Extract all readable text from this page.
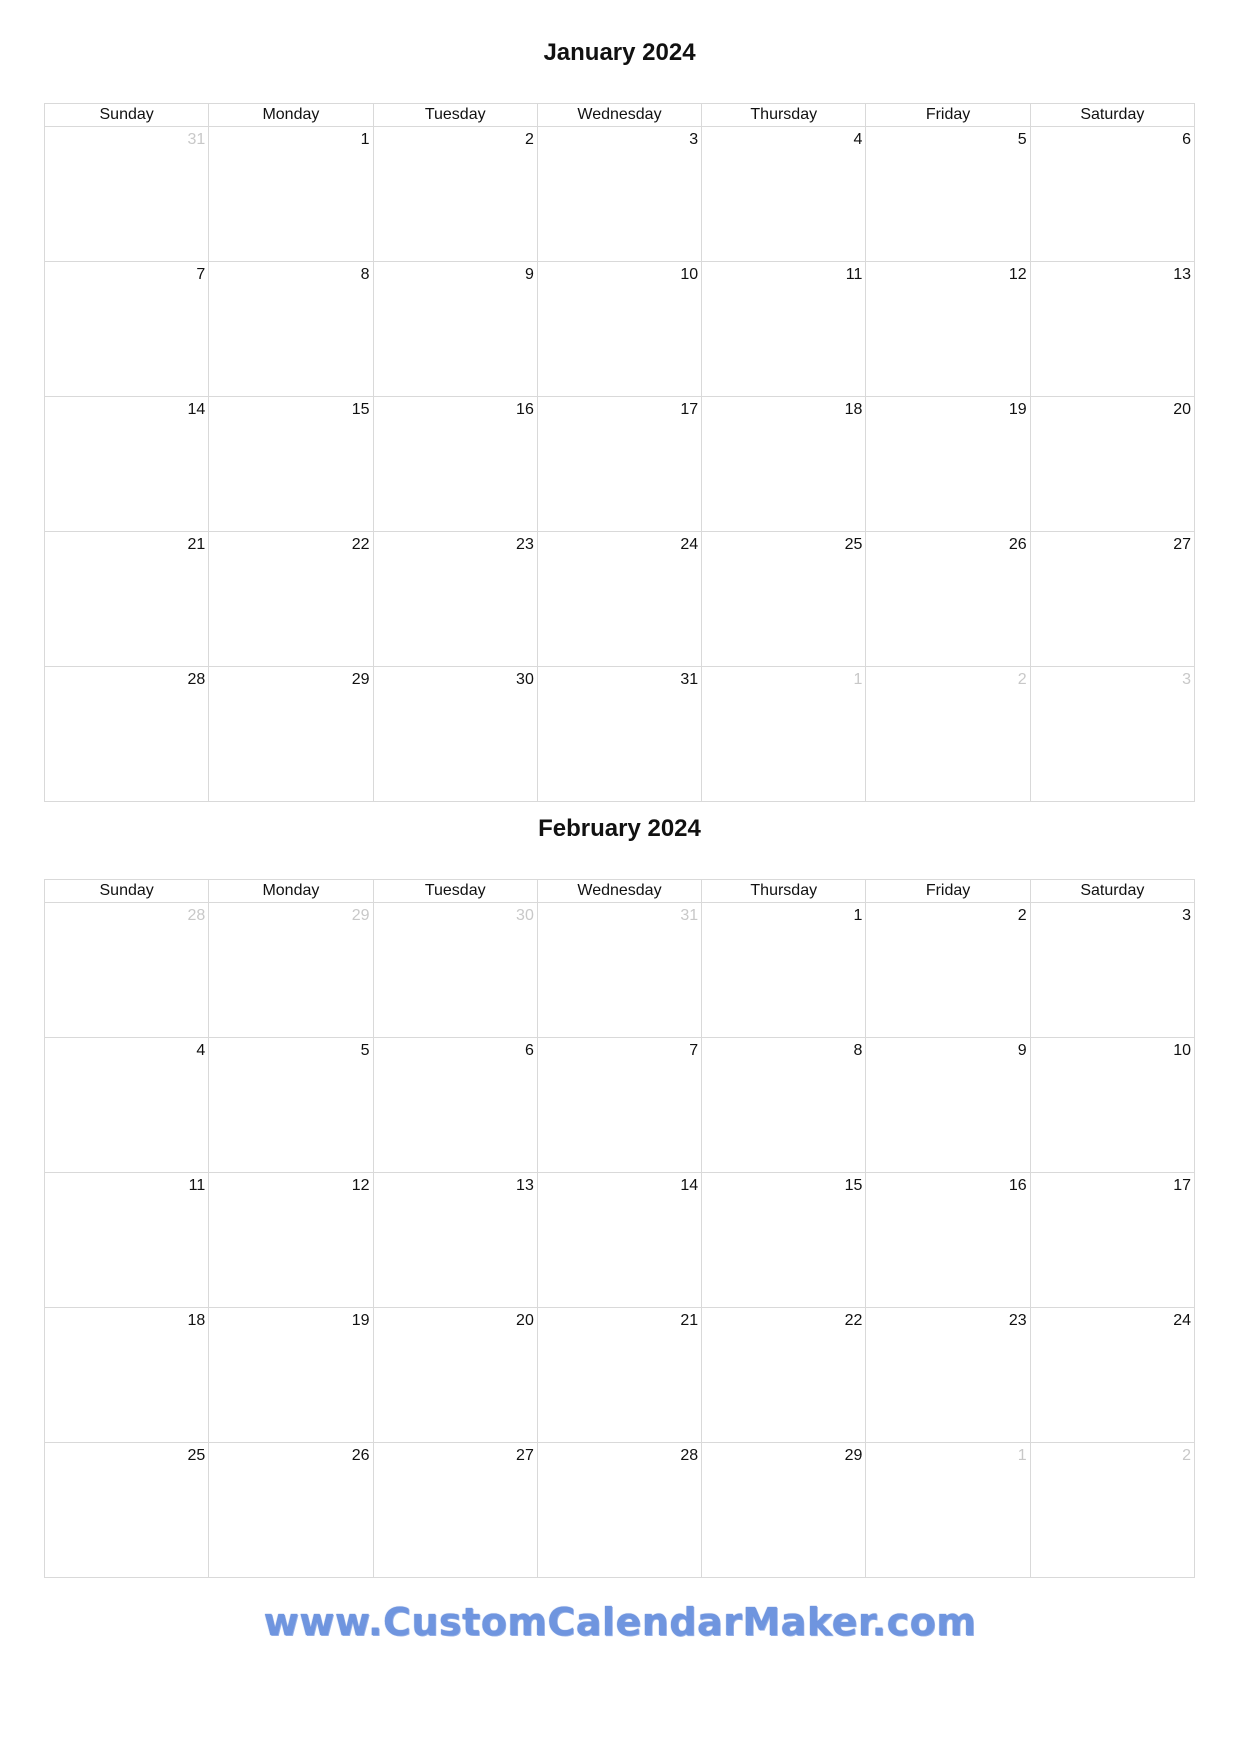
January 2024
Sunday	Monday	Tuesday	Wednesday	Thursday	Friday	Saturday

31	1	2	3	4	5	6

7	8	9	10	11	12	13

14	15	16	17	18	19	20

21	22	23	24	25	26	27

28	29	30	31	1	2	3
February 2024
Sunday	Monday	Tuesday	Wednesday	Thursday	Friday	Saturday

28	29	30	31	1	2	3

4	5	6	7	8	9	10

11	12	13	14	15	16	17

18	19	20	21	22	23	24

25	26	27	28	29	1	2
www.CustomCalendarMaker.com
